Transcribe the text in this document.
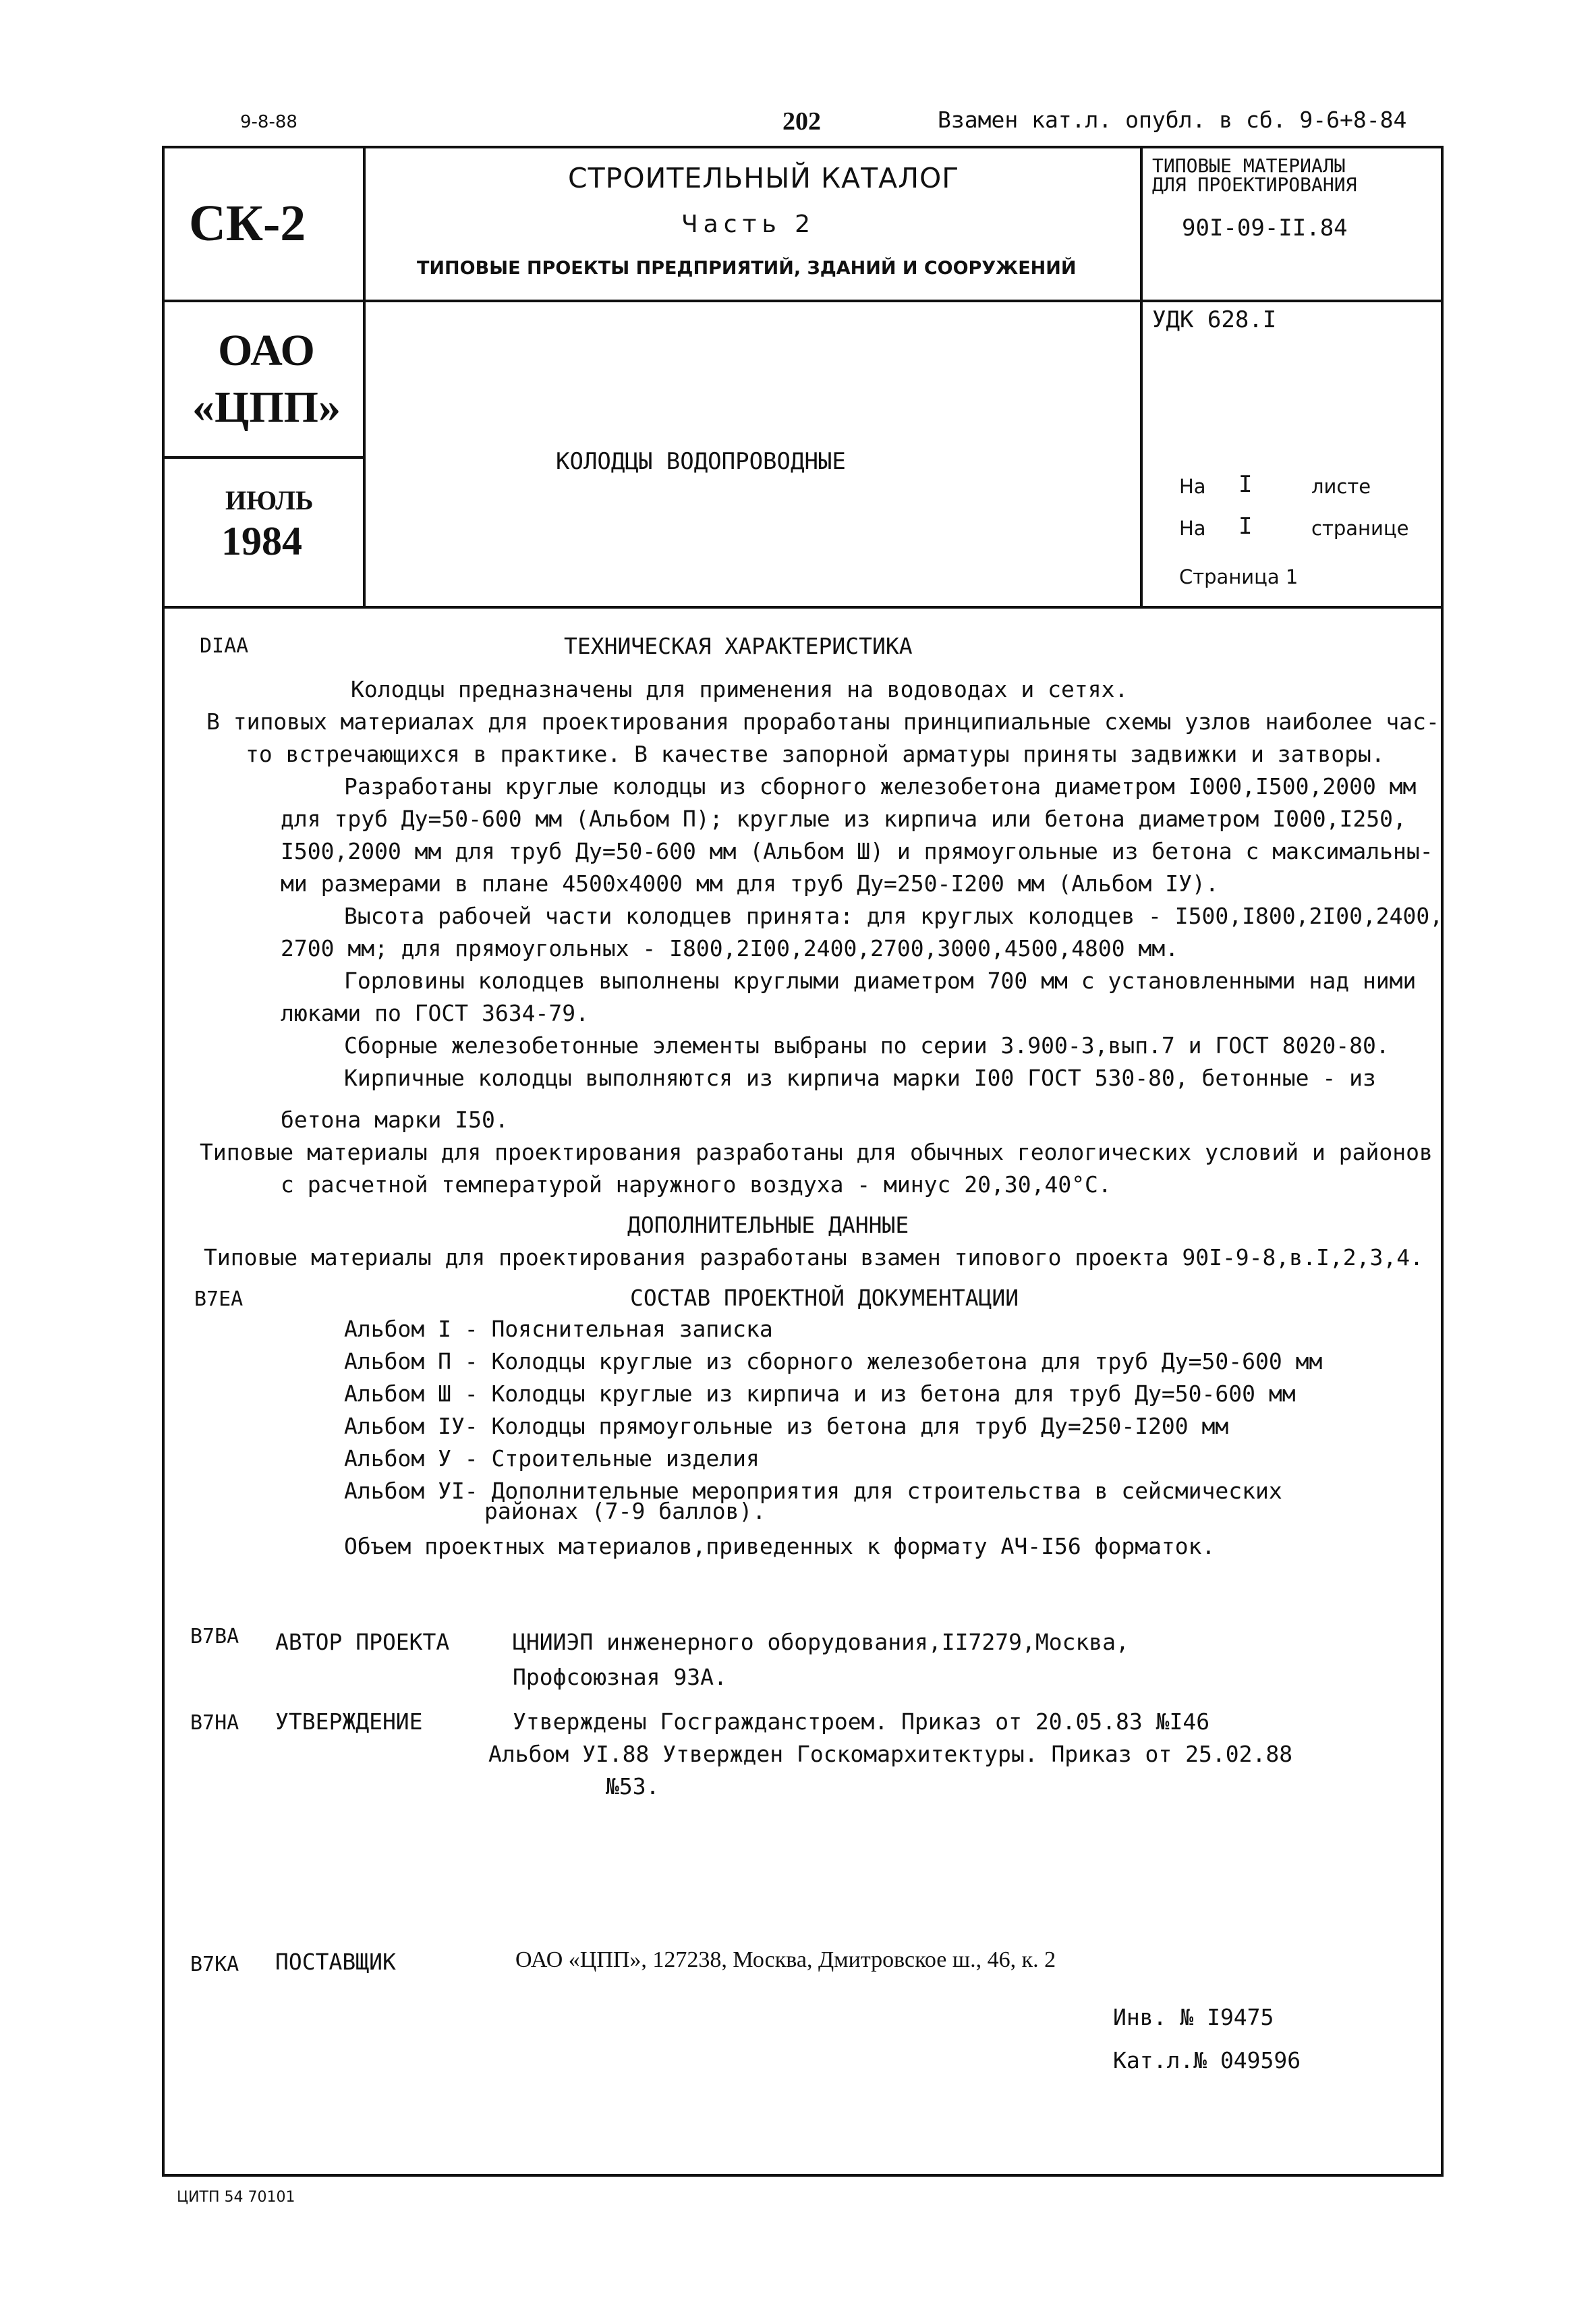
9-8-88	202	Взамен кат.л. опубл. в сб. 9-6+8-84
СК-2
ОАО «ЦПП»
ИЮЛЬ
1984
СТРОИТЕЛЬНЫЙ КАТАЛОГ
Часть 2
ТИПОВЫЕ ПРОЕКТЫ ПРЕДПРИЯТИЙ, ЗДАНИЙ И СООРУЖЕНИЙ
КОЛОДЦЫ ВОДОПРОВОДНЫЕ
ТИПОВЫЕ МАТЕРИАЛЫ
ДЛЯ ПРОЕКТИРОВАНИЯ
90I-09-II.84
УДК 628.I
На I	листе
На I	странице
Страница 1
DIAA	ТЕХНИЧЕСКАЯ ХАРАКТЕРИСТИКА
Колодцы предназначены для применения на водоводах и сетях.
В типовых материалах для проектирования проработаны принципиальные схемы узлов наиболее час-
то встречающихся в практике. В качестве запорной арматуры приняты задвижки и затворы.
Разработаны круглые колодцы из сборного железобетона диаметром I000,I500,2000 мм
для труб Ду=50-600 мм (Альбом П); круглые из кирпича или бетона диаметром I000,I250,
I500,2000 мм для труб Ду=50-600 мм (Альбом Ш) и прямоугольные из бетона с максимальны-
ми размерами в плане 4500х4000 мм для труб Ду=250-I200 мм (Альбом IУ).
Высота рабочей части колодцев принята: для круглых колодцев - I500,I800,2I00,2400,
2700 мм; для прямоугольных - I800,2I00,2400,2700,3000,4500,4800 мм.
Горловины колодцев выполнены круглыми диаметром 700 мм с установленными над ними
люками по ГОСТ 3634-79.
Сборные железобетонные элементы выбраны по серии 3.900-3,вып.7 и ГОСТ 8020-80.
Кирпичные колодцы выполняются из кирпича марки I00 ГОСТ 530-80, бетонные - из
бетона марки I50.
Типовые материалы для проектирования разработаны для обычных геологических условий и районов
с расчетной температурой наружного воздуха - минус 20,30,40°С.
ДОПОЛНИТЕЛЬНЫЕ ДАННЫЕ
Типовые материалы для проектирования разработаны взамен типового проекта 90I-9-8,в.I,2,3,4.
B7EA	СОСТАВ ПРОЕКТНОЙ ДОКУМЕНТАЦИИ
Альбом I - Пояснительная записка
Альбом П - Колодцы круглые из сборного железобетона для труб Ду=50-600 мм
Альбом Ш - Колодцы круглые из кирпича и из бетона для труб Ду=50-600 мм
Альбом IУ- Колодцы прямоугольные из бетона для труб Ду=250-I200 мм
Альбом У - Строительные изделия
Альбом УI- Дополнительные мероприятия для строительства в сейсмических
районах (7-9 баллов).
Объем проектных материалов,приведенных к формату АЧ-I56 форматок.
B7BA АВТОР ПРОЕКТА	ЦНИИЭП инженерного оборудования,II7279,Москва,
Профсоюзная 93А.
B7HA УТВЕРЖДЕНИЕ	Утверждены Госгражданстроем. Приказ от 20.05.83 №I46
Альбом УI.88 Утвержден Госкомархитектуры. Приказ от 25.02.88
№53.
B7KA ПОСТАВЩИК	ОАО «ЦПП», 127238, Москва, Дмитровское ш., 46, к. 2
Инв. № I9475
Кат.л.№ 049596
ЦИТП 54 70101
